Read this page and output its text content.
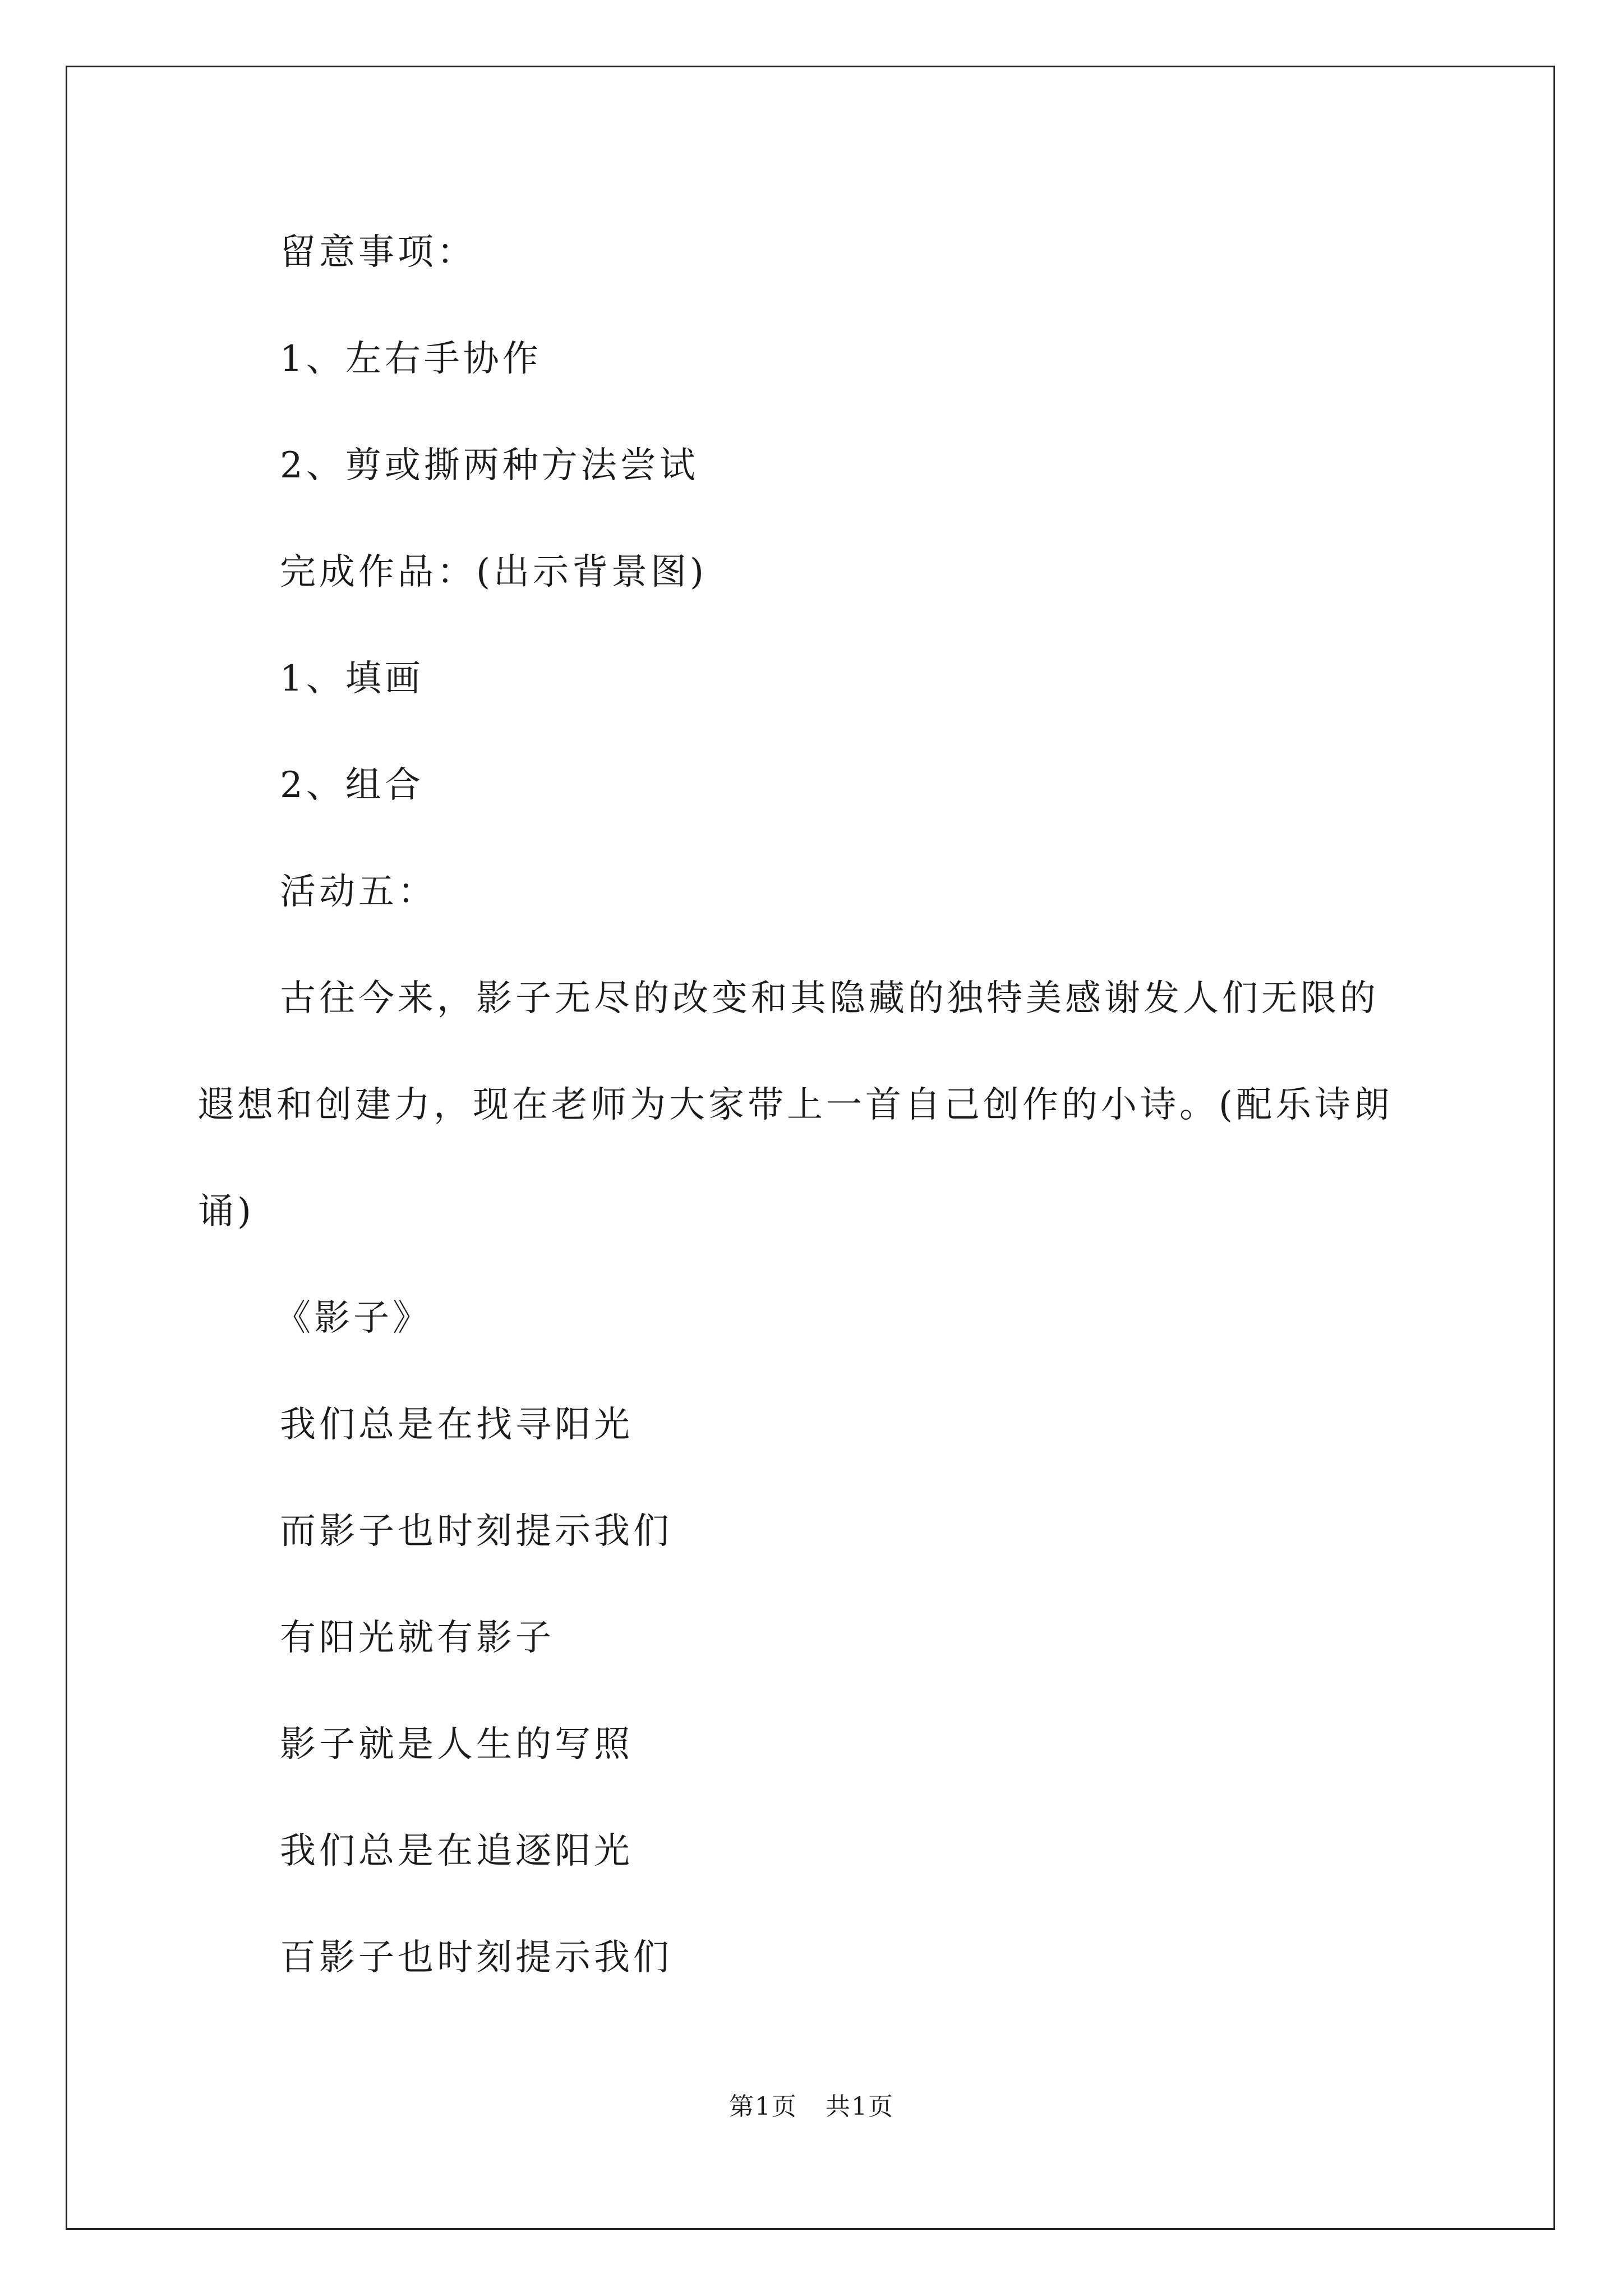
留意事项：
1、左右手协作
2、剪或撕两种方法尝试
完成作品：(出示背景图)
1、填画
2、组合
活动五：
古往今来，影子无尽的改变和其隐藏的独特美感谢发人们无限的
遐想和创建力，现在老师为大家带上一首自己创作的小诗。(配乐诗朗
诵)
《影子》
我们总是在找寻阳光
而影子也时刻提示我们
有阳光就有影子
影子就是人生的写照
我们总是在追逐阳光
百影子也时刻提示我们
第1页 共1页
